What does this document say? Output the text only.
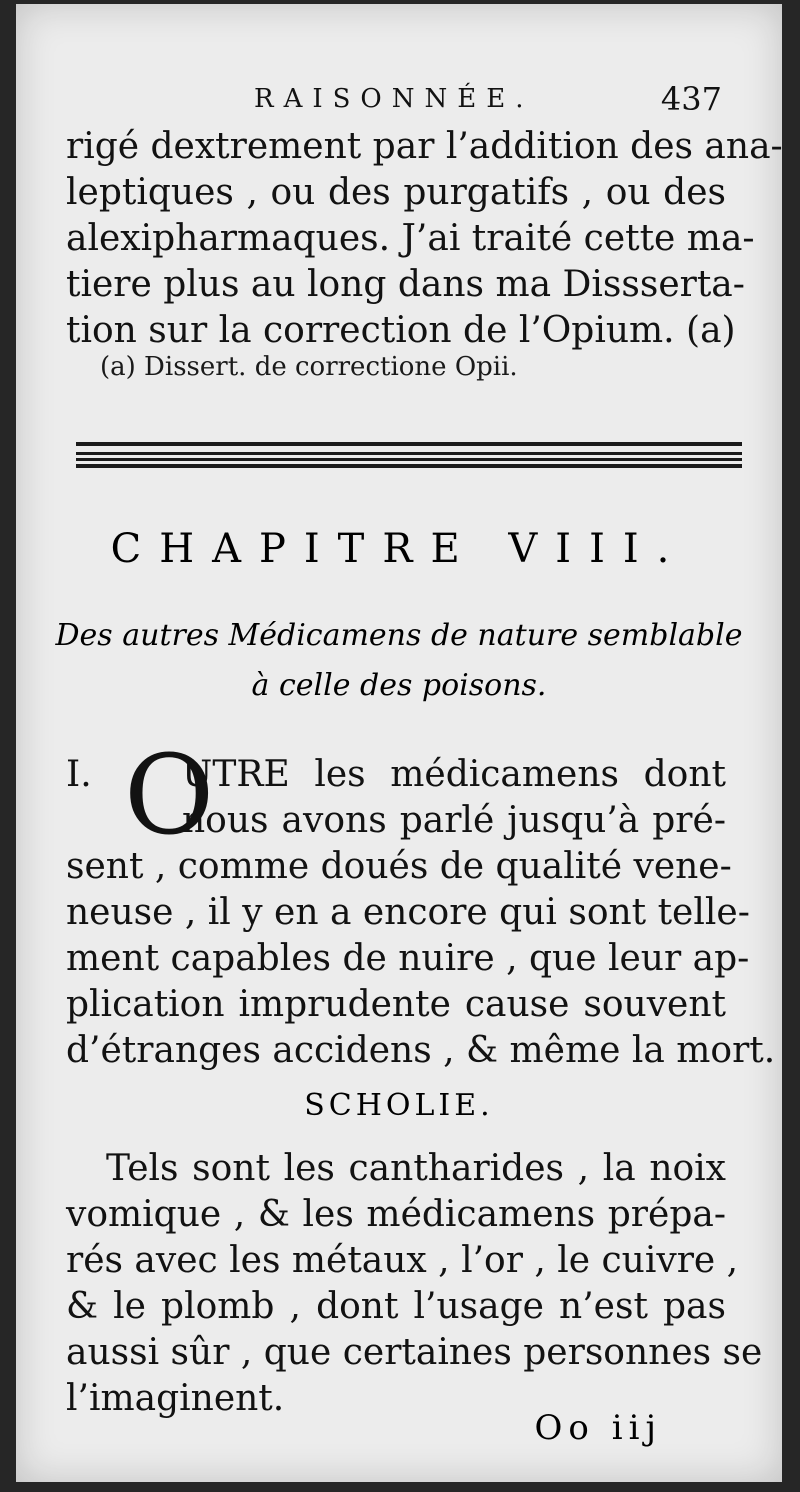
RAISONNÉE.	437
rigé dextrement par l’addition des ana-
leptiques , ou des purgatifs , ou des
alexipharmaques. J’ai traité cette ma-
tiere plus au long dans ma Dissserta-
tion sur la correction de l’Opium. (a)
(a) Dissert. de correctione Opii.
CHAPITRE VIII.
Des autres Médicamens de nature semblable
à celle des poisons.
I. O
UTRE les médicamens dont
nous avons parlé jusqu’à pré-
sent , comme doués de qualité vene-
neuse , il y en a encore qui sont telle-
ment capables de nuire , que leur ap-
plication imprudente cause souvent
d’étranges accidens , & même la mort.
SCHOLIE.
Tels sont les cantharides , la noix
vomique , & les médicamens prépa-
rés avec les métaux , l’or , le cuivre ,
& le plomb , dont l’usage n’est pas
aussi sûr , que certaines personnes se
l’imaginent.
Oo iij
